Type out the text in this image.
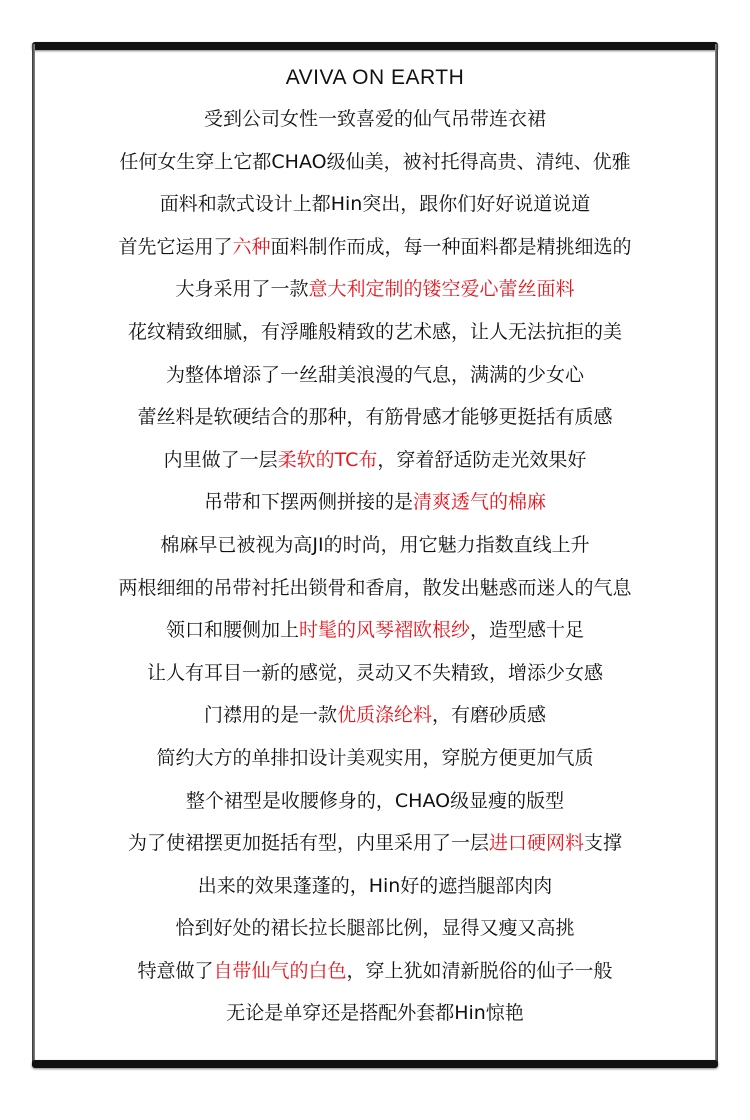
AVIVA ON EARTH
受到公司女性一致喜爱的仙气吊带连衣裙
任何女生穿上它都CHAO级仙美，被衬托得高贵、清纯、优雅
面料和款式设计上都Hin突出，跟你们好好说道说道
首先它运用了六种面料制作而成，每一种面料都是精挑细选的
大身采用了一款意大利定制的镂空爱心蕾丝面料
花纹精致细腻，有浮雕般精致的艺术感，让人无法抗拒的美
为整体增添了一丝甜美浪漫的气息，满满的少女心
蕾丝料是软硬结合的那种，有筋骨感才能够更挺括有质感
内里做了一层柔软的TC布，穿着舒适防走光效果好
吊带和下摆两侧拼接的是清爽透气的棉麻
棉麻早已被视为高JI的时尚，用它魅力指数直线上升
两根细细的吊带衬托出锁骨和香肩，散发出魅惑而迷人的气息
领口和腰侧加上时髦的风琴褶欧根纱，造型感十足
让人有耳目一新的感觉，灵动又不失精致，增添少女感
门襟用的是一款优质涤纶料，有磨砂质感
简约大方的单排扣设计美观实用，穿脱方便更加气质
整个裙型是收腰修身的，CHAO级显瘦的版型
为了使裙摆更加挺括有型，内里采用了一层进口硬网料支撑
出来的效果蓬蓬的，Hin好的遮挡腿部肉肉
恰到好处的裙长拉长腿部比例，显得又瘦又高挑
特意做了自带仙气的白色，穿上犹如清新脱俗的仙子一般
无论是单穿还是搭配外套都Hin惊艳
